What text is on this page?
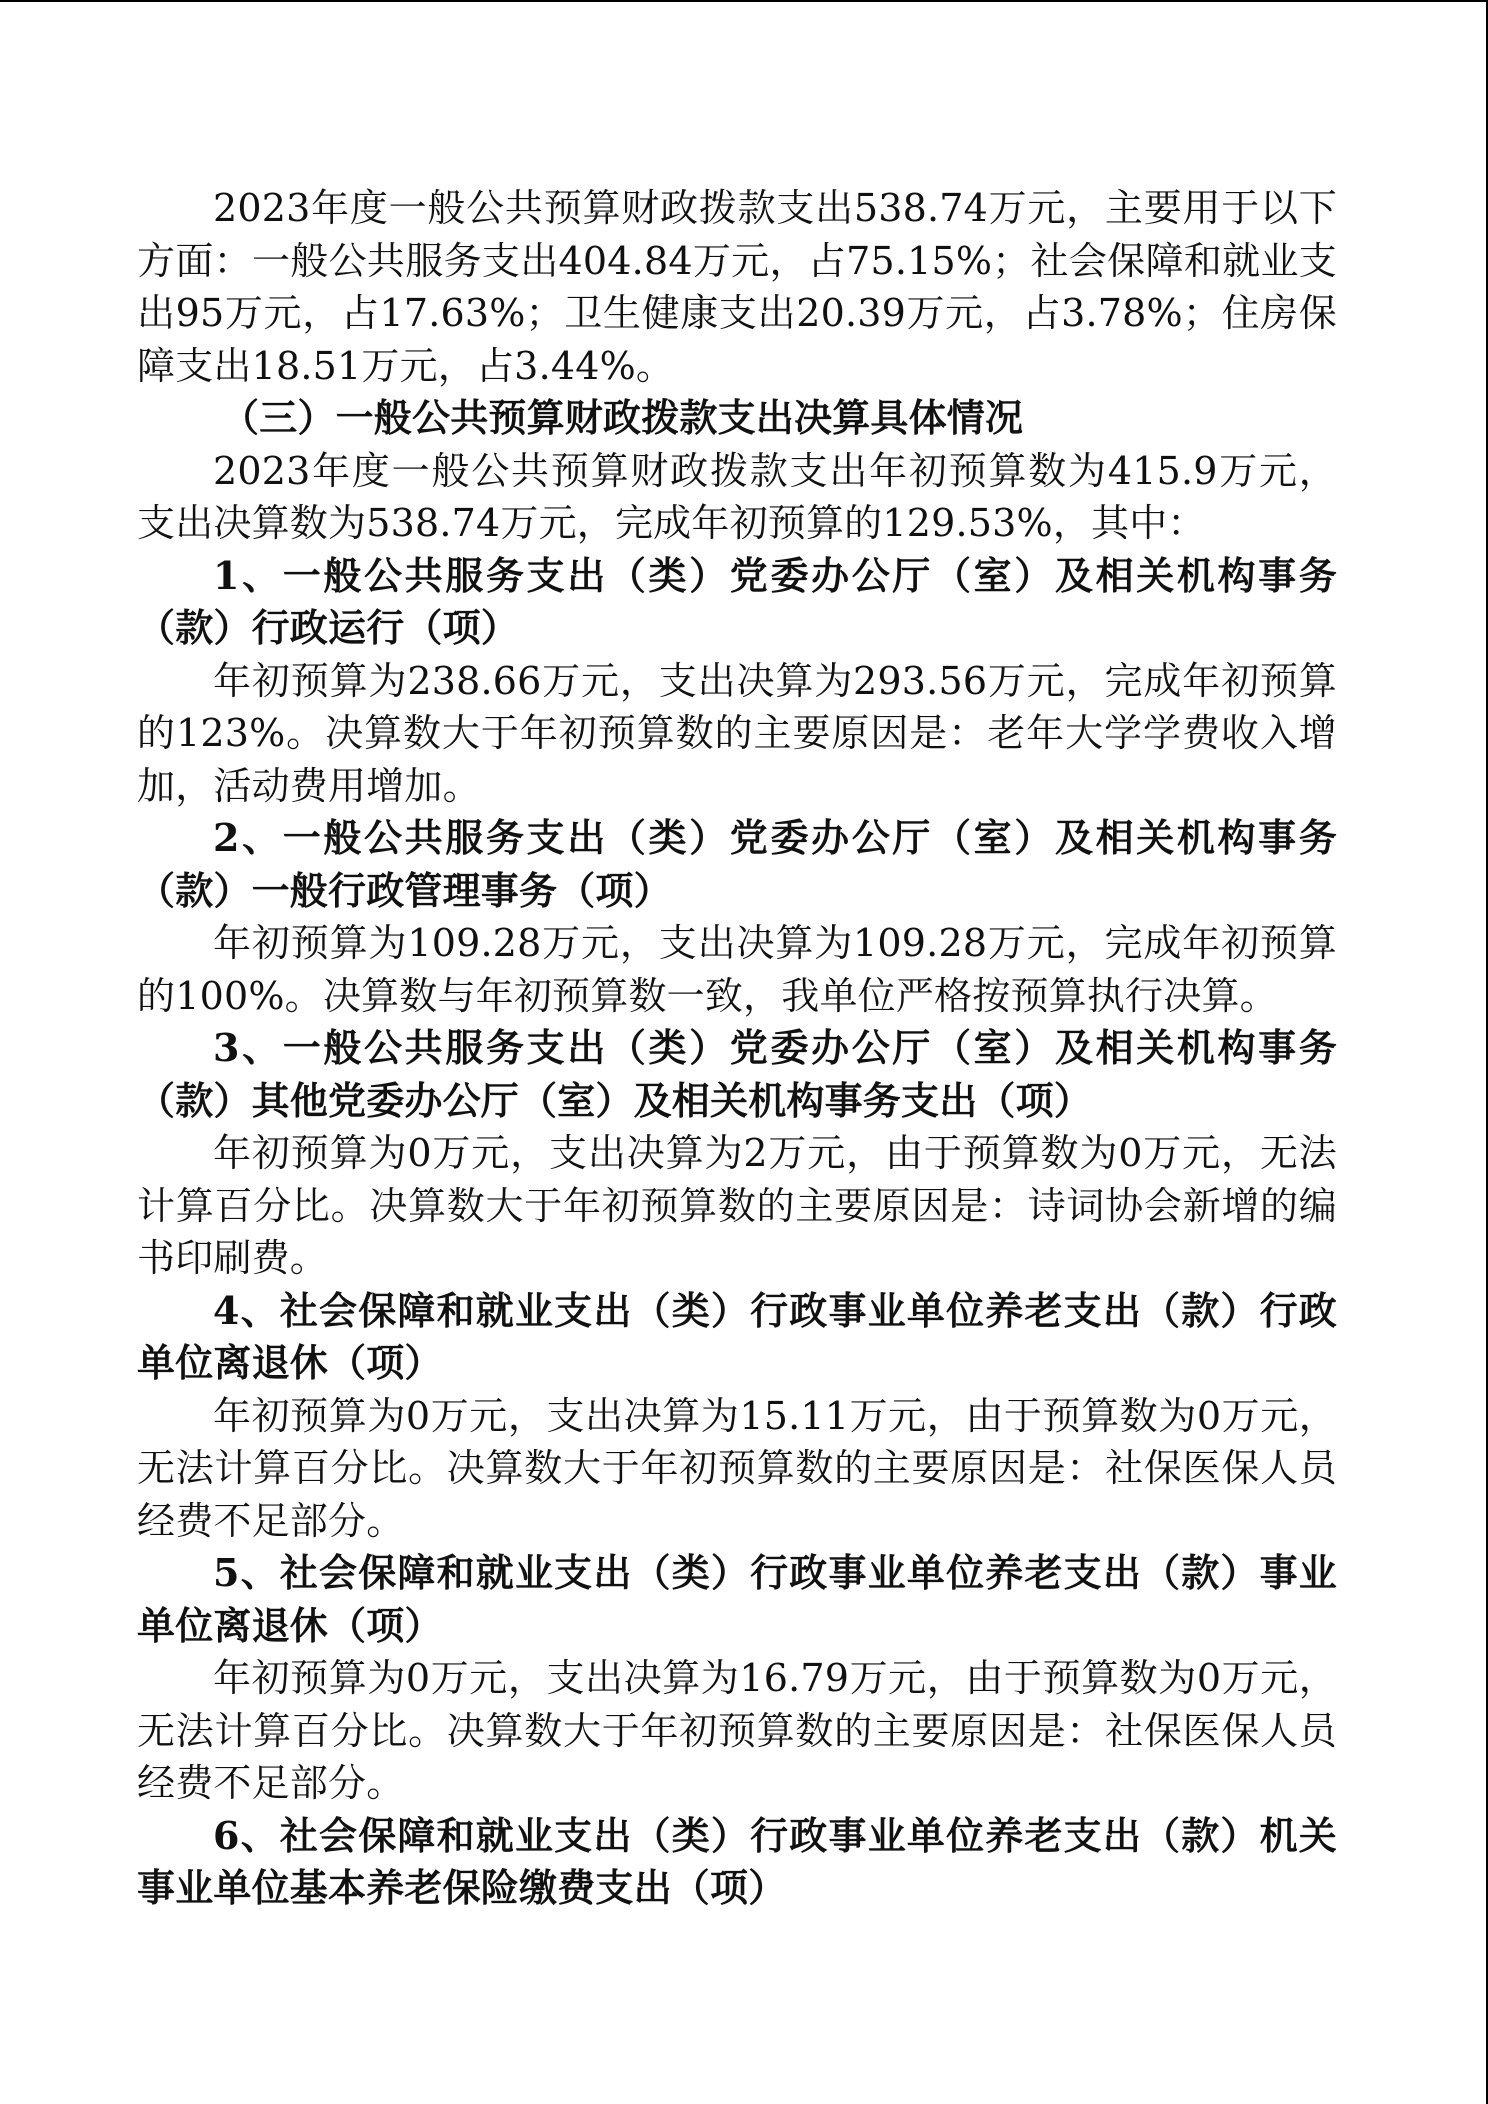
2023年度一般公共预算财政拨款支出538.74万元，主要用于以下方面：一般公共服务支出404.84万元，占75.15%；社会保障和就业支出95万元，占17.63%；卫生健康支出20.39万元，占3.78%；住房保障支出18.51万元，占3.44%。

（三）一般公共预算财政拨款支出决算具体情况

2023年度一般公共预算财政拨款支出年初预算数为415.9万元，支出决算数为538.74万元，完成年初预算的129.53%，其中：

1、一般公共服务支出（类）党委办公厅（室）及相关机构事务（款）行政运行（项）

年初预算为238.66万元，支出决算为293.56万元，完成年初预算的123%。决算数大于年初预算数的主要原因是：老年大学学费收入增加，活动费用增加。

2、一般公共服务支出（类）党委办公厅（室）及相关机构事务（款）一般行政管理事务（项）

年初预算为109.28万元，支出决算为109.28万元，完成年初预算的100%。决算数与年初预算数一致，我单位严格按预算执行决算。

3、一般公共服务支出（类）党委办公厅（室）及相关机构事务（款）其他党委办公厅（室）及相关机构事务支出（项）

年初预算为0万元，支出决算为2万元，由于预算数为0万元，无法计算百分比。决算数大于年初预算数的主要原因是：诗词协会新增的编书印刷费。

4、社会保障和就业支出（类）行政事业单位养老支出（款）行政单位离退休（项）

年初预算为0万元，支出决算为15.11万元，由于预算数为0万元，无法计算百分比。决算数大于年初预算数的主要原因是：社保医保人员经费不足部分。

5、社会保障和就业支出（类）行政事业单位养老支出（款）事业单位离退休（项）

年初预算为0万元，支出决算为16.79万元，由于预算数为0万元，无法计算百分比。决算数大于年初预算数的主要原因是：社保医保人员经费不足部分。

6、社会保障和就业支出（类）行政事业单位养老支出（款）机关事业单位基本养老保险缴费支出（项）
